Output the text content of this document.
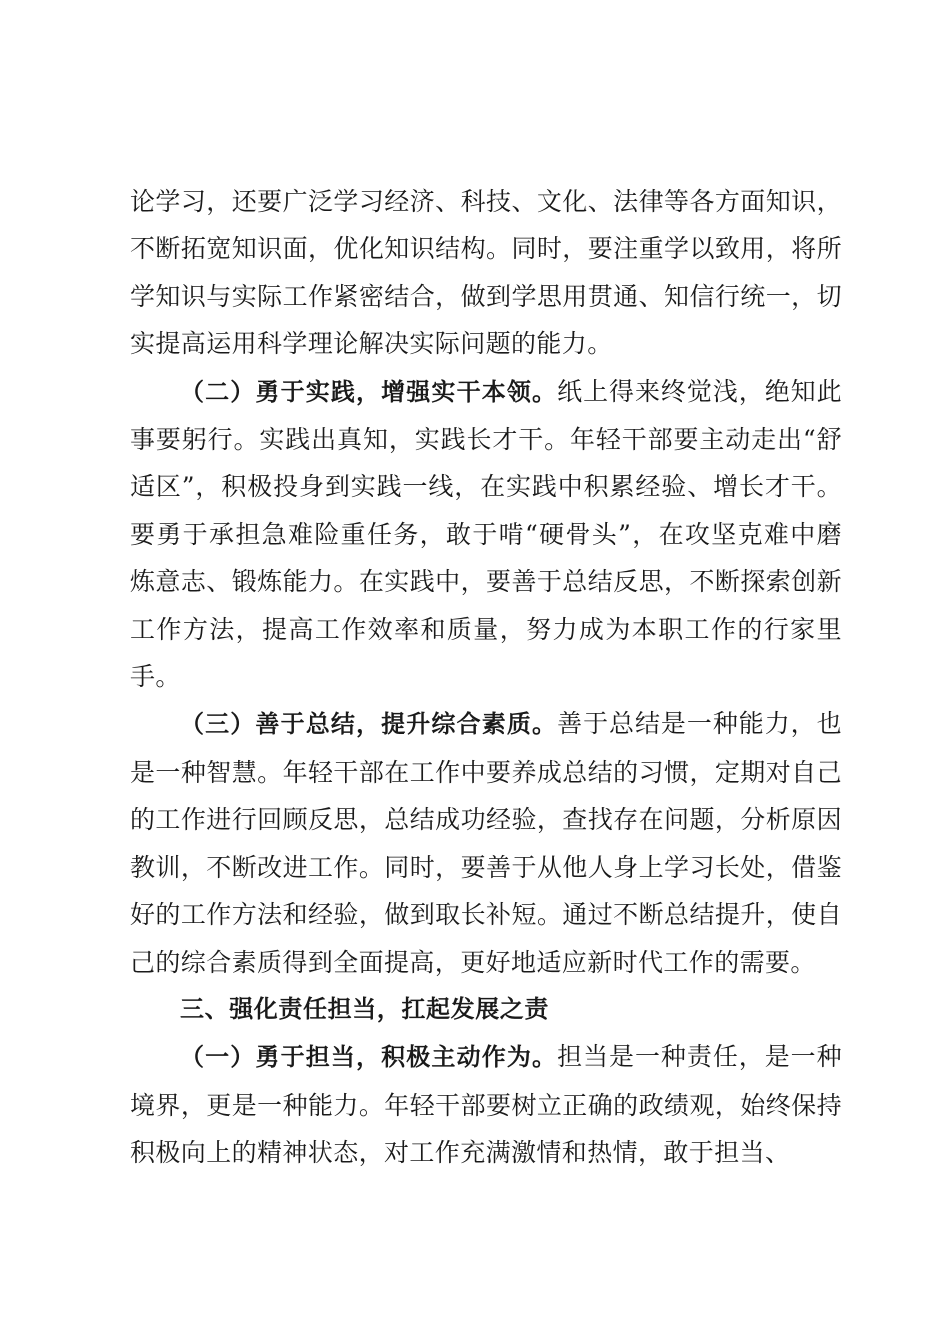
论学习，还要广泛学习经济、科技、文化、法律等各方面知识，不断拓宽知识面，优化知识结构。同时，要注重学以致用，将所学知识与实际工作紧密结合，做到学思用贯通、知信行统一，切实提高运用科学理论解决实际问题的能力。

（二）勇于实践，增强实干本领。纸上得来终觉浅，绝知此事要躬行。实践出真知，实践长才干。年轻干部要主动走出“舒适区”，积极投身到实践一线，在实践中积累经验、增长才干。要勇于承担急难险重任务，敢于啃“硬骨头”，在攻坚克难中磨炼意志、锻炼能力。在实践中，要善于总结反思，不断探索创新工作方法，提高工作效率和质量，努力成为本职工作的行家里手。

（三）善于总结，提升综合素质。善于总结是一种能力，也是一种智慧。年轻干部在工作中要养成总结的习惯，定期对自己的工作进行回顾反思，总结成功经验，查找存在问题，分析原因教训，不断改进工作。同时，要善于从他人身上学习长处，借鉴好的工作方法和经验，做到取长补短。通过不断总结提升，使自己的综合素质得到全面提高，更好地适应新时代工作的需要。

三、强化责任担当，扛起发展之责

（一）勇于担当，积极主动作为。担当是一种责任，是一种境界，更是一种能力。年轻干部要树立正确的政绩观，始终保持积极向上的精神状态，对工作充满激情和热情，敢于担当、
